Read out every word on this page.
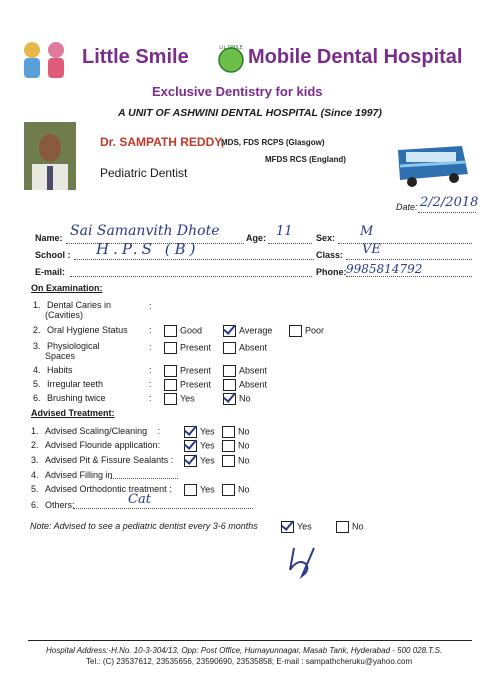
Little Smile	LIL SMILE Mobile Dental Hospital
Exclusive Dentistry for kids
A UNIT OF ASHWINI DENTAL HOSPITAL (Since 1997)
Dr. SAMPATH REDDY,
MDS, FDS RCPS (Glasgow)
MFDS RCS (England)
Pediatric Dentist
Date: 2/2/2018
Name: Sai Samanvith Dhote	Age: 11	Sex: M
School : H.P.S (B)	Class: VE
E-mail:	Phone: 9985814792
On Examination:
1. Dental Caries in
(Cavities)
:
2. Oral Hygiene Status :	Good	Average	Poor
3. Physiological
Spaces
:	Present	Absent
4. Habits	:	Present	Absent
5. Irregular teeth	:	Present	Absent
6. Brushing twice	:	Yes	No
Advised Treatment:
1. Advised Scaling/Cleaning :	Yes	No
2. Advised Flouride application:	Yes	No
3. Advised Pit & Fissure Sealants :	Yes	No
4. Advised Filling in
5. Advised Orthodontic treatment :	Yes	No
6. Others:	Cat
Note: Advised to see a pediatric dentist every 3-6 months	Yes	No
Hospital Address:-H.No. 10-3-304/13, Opp: Post Office, Humayunnagar, Masab Tank, Hyderabad - 500 028.T.S.
Tel.: (C) 23537612, 23535656, 23590690, 23535858; E-mail : sampathcheruku@yahoo.com
